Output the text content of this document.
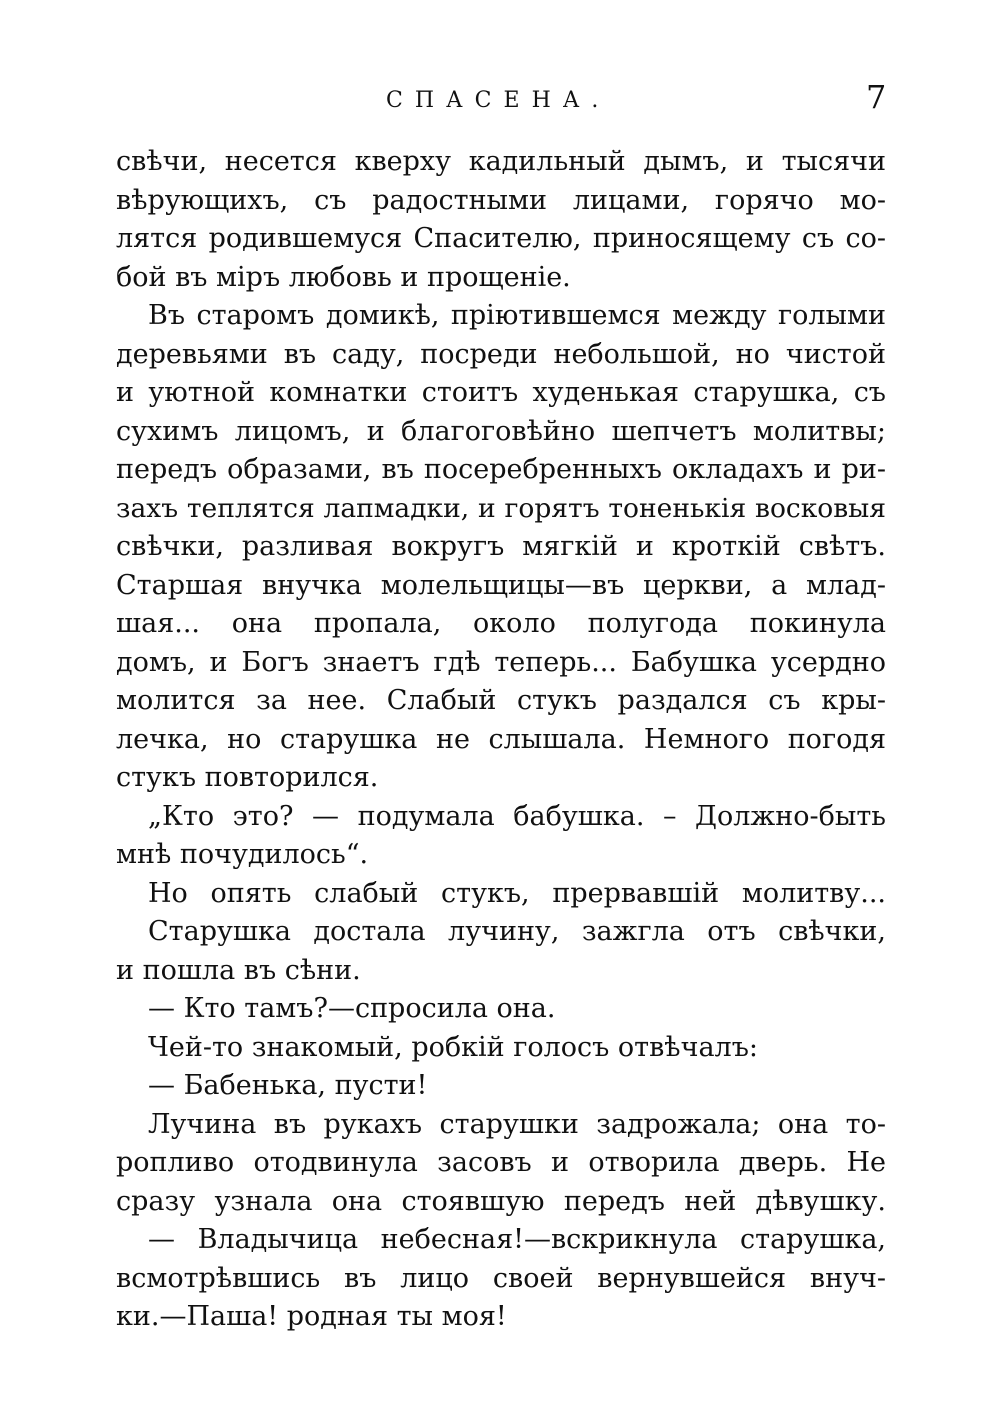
СПАСЕНА.	7
свѣчи, несется кверху кадильный дымъ, и тысячи
вѣрующихъ, съ радостными лицами, горячо мо-
лятся родившемуся Спасителю, приносящему съ со-
бой въ міръ любовь и прощеніе.
Въ старомъ домикѣ, пріютившемся между голыми
деревьями въ саду, посреди небольшой, но чистой
и уютной комнатки стоитъ худенькая старушка, съ
сухимъ лицомъ, и благоговѣйно шепчетъ молитвы;
передъ образами, въ посеребренныхъ окладахъ и ри-
захъ теплятся лапмадки, и горятъ тоненькія восковыя
свѣчки, разливая вокругъ мягкій и кроткій свѣтъ.
Старшая внучка молельщицы—въ церкви, а млад-
шая... она пропала, около полугода покинула
домъ, и Богъ знаетъ гдѣ теперь... Бабушка усердно
молится за нее. Слабый стукъ раздался съ кры-
лечка, но старушка не слышала. Немного погодя
стукъ повторился.
„Кто это? — подумала бабушка. – Должно-быть
мнѣ почудилось“.
Но опять слабый стукъ, прервавшій молитву...
Старушка достала лучину, зажгла отъ свѣчки,
и пошла въ сѣни.
— Кто тамъ?—спросила она.
Чей-то знакомый, робкій голосъ отвѣчалъ:
— Бабенька, пусти!
Лучина въ рукахъ старушки задрожала; она то-
ропливо отодвинула засовъ и отворила дверь. Не
сразу узнала она стоявшую передъ ней дѣвушку.
— Владычица небесная!—вскрикнула старушка,
всмотрѣвшись въ лицо своей вернувшейся внуч-
ки.—Паша! родная ты моя!
